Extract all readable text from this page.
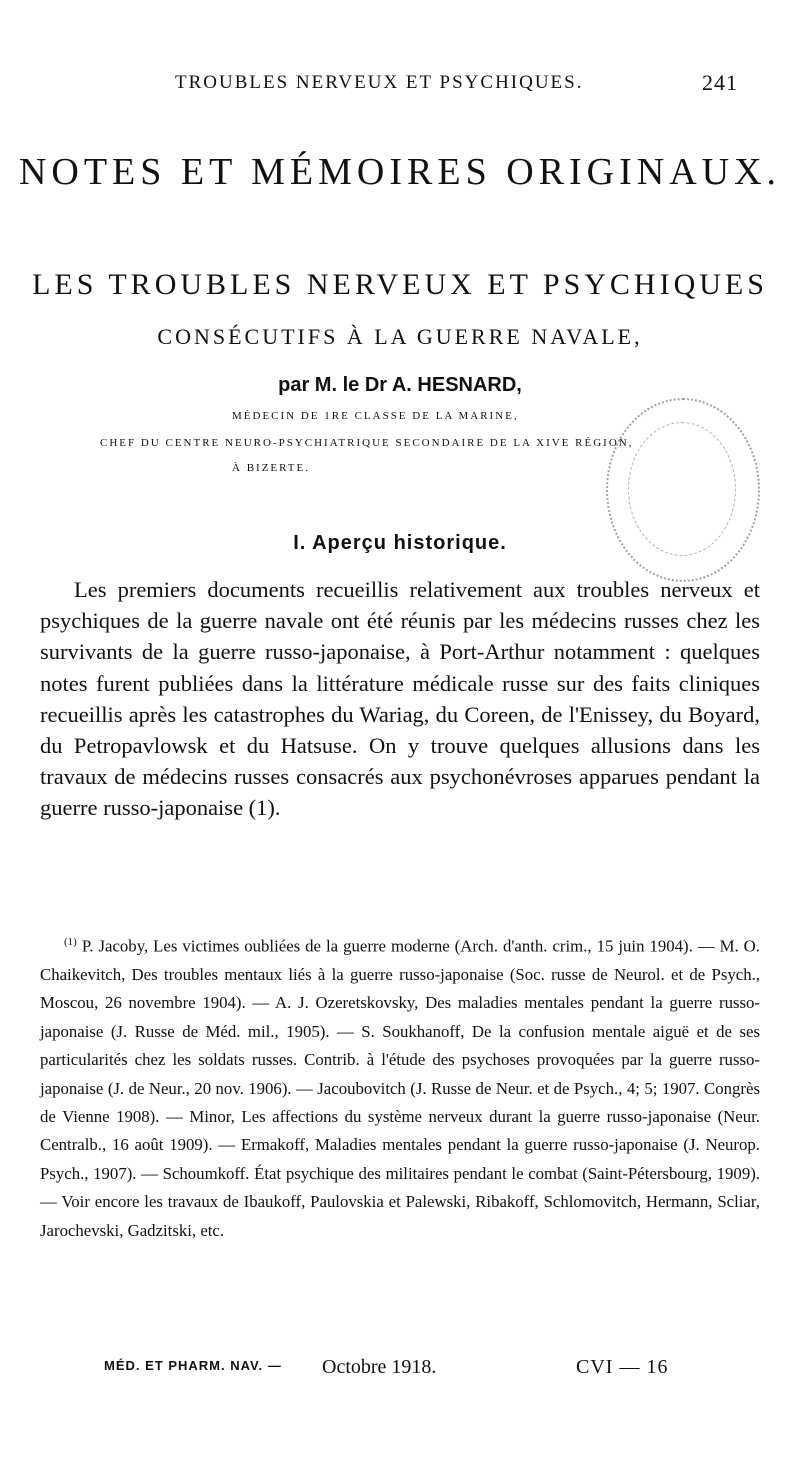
TROUBLES NERVEUX ET PSYCHIQUES.	241
NOTES ET MÉMOIRES ORIGINAUX.
LES TROUBLES NERVEUX ET PSYCHIQUES
CONSÉCUTIFS À LA GUERRE NAVALE,
par M. le Dr A. HESNARD,
MÉDECIN DE 1RE CLASSE DE LA MARINE,
CHEF DU CENTRE NEURO-PSYCHIATRIQUE SECONDAIRE DE LA XIVE RÉGION,
À BIZERTE.
I. Aperçu historique.

Les premiers documents recueillis relativement aux troubles nerveux et psychiques de la guerre navale ont été réunis par les médecins russes chez les survivants de la guerre russo-japonaise, à Port-Arthur notamment : quelques notes furent publiées dans la littérature médicale russe sur des faits cliniques recueillis après les catastrophes du Wariag, du Coreen, de l'Enissey, du Boyard, du Petropavlowsk et du Hatsuse. On y trouve quelques allusions dans les travaux de médecins russes consacrés aux psychonévroses apparues pendant la guerre russo-japonaise (1).

$^{(1)}$ P. Jacoby, Les victimes oubliées de la guerre moderne (Arch. d'anth. crim., 15 juin 1904). — M. O. Chaikevitch, Des troubles mentaux liés à la guerre russo-japonaise (Soc. russe de Neurol. et de Psych., Moscou, 26 novembre 1904). — A. J. Ozeretskovsky, Des maladies mentales pendant la guerre russo-japonaise (J. Russe de Méd. mil., 1905). — S. Soukhanoff, De la confusion mentale aiguë et de ses particularités chez les soldats russes. Contrib. à l'étude des psychoses provoquées par la guerre russo-japonaise (J. de Neur., 20 nov. 1906). — Jacoubovitch (J. Russe de Neur. et de Psych., 4; 5; 1907. Congrès de Vienne 1908). — Minor, Les affections du système nerveux durant la guerre russo-japonaise (Neur. Centralb., 16 août 1909). — Ermakoff, Maladies mentales pendant la guerre russo-japonaise (J. Neurop. Psych., 1907). — Schoumkoff. État psychique des militaires pendant le combat (Saint-Pétersbourg, 1909). — Voir encore les travaux de Ibaukoff, Paulovskia et Palewski, Ribakoff, Schlomovitch, Hermann, Scliar, Jarochevski, Gadzitski, etc.

MÉD. ET PHARM. NAV. — Octobre 1918.	CVI — 16
